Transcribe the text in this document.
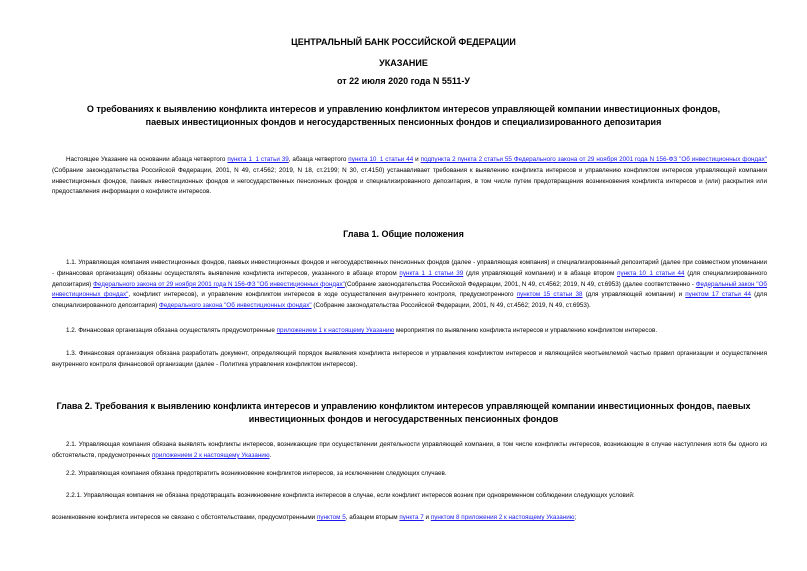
ЦЕНТРАЛЬНЫЙ БАНК РОССИЙСКОЙ ФЕДЕРАЦИИ
УКАЗАНИЕ
от 22 июля 2020 года N 5511-У
О требованиях к выявлению конфликта интересов и управлению конфликтом интересов управляющей компании инвестиционных фондов, паевых инвестиционных фондов и негосударственных пенсионных фондов и специализированного депозитария
Настоящее Указание на основании абзаца четвертого пункта 1_1 статьи 39, абзаца четвертого пункта 10_1 статьи 44 и подпункта 2 пункта 2 статьи 55 Федерального закона от 29 ноября 2001 года N 156-ФЗ "Об инвестиционных фондах" (Собрание законодательства Российской Федерации, 2001, N 49, ст.4562; 2019, N 18, ст.2199; N 30, ст.4150) устанавливает требования к выявлению конфликта интересов и управлению конфликтом интересов управляющей компании инвестиционных фондов, паевых инвестиционных фондов и негосударственных пенсионных фондов и специализированного депозитария, в том числе путем предотвращения возникновения конфликта интересов и (или) раскрытия или предоставления информации о конфликте интересов.
Глава 1. Общие положения
1.1. Управляющая компания инвестиционных фондов, паевых инвестиционных фондов и негосударственных пенсионных фондов (далее - управляющая компания) и специализированный депозитарий (далее при совместном упоминании - финансовая организация) обязаны осуществлять выявление конфликта интересов, указанного в абзаце втором пункта 1_1 статьи 39 (для управляющей компании) и в абзаце втором пункта 10_1 статьи 44 (для специализированного депозитария) Федерального закона от 29 ноября 2001 года N 156-ФЗ "Об инвестиционных фондах"(Собрание законодательства Российской Федерации, 2001, N 49, ст.4562; 2019, N 49, ст.6953) (далее соответственно - Федеральный закон "Об инвестиционных фондах", конфликт интересов), и управление конфликтом интересов в ходе осуществления внутреннего контроля, предусмотренного пунктом 15 статьи 38 (для управляющей компании) и пунктом 17 статьи 44 (для специализированного депозитария) Федерального закона "Об инвестиционных фондах" (Собрание законодательства Российской Федерации, 2001, N 49, ст.4562; 2019, N 49, ст.6953).
1.2. Финансовая организация обязана осуществлять предусмотренные приложением 1 к настоящему Указанию мероприятия по выявлению конфликта интересов и управлению конфликтом интересов.
1.3. Финансовая организация обязана разработать документ, определяющий порядок выявления конфликта интересов и управления конфликтом интересов и являющийся неотъемлемой частью правил организации и осуществления внутреннего контроля финансовой организации (далее - Политика управления конфликтом интересов).
Глава 2. Требования к выявлению конфликта интересов и управлению конфликтом интересов управляющей компании инвестиционных фондов, паевых инвестиционных фондов и негосударственных пенсионных фондов
2.1. Управляющая компания обязана выявлять конфликты интересов, возникающие при осуществлении деятельности управляющей компании, в том числе конфликты интересов, возникающие в случае наступления хотя бы одного из обстоятельств, предусмотренных приложением 2 к настоящему Указанию.
2.2. Управляющая компания обязана предотвратить возникновение конфликтов интересов, за исключением следующих случаев.
2.2.1. Управляющая компания не обязана предотвращать возникновение конфликта интересов в случае, если конфликт интересов возник при одновременном соблюдении следующих условий:
возникновение конфликта интересов не связано с обстоятельствами, предусмотренными пунктом 5, абзацем вторым пункта 7 и пунктом 8 приложения 2 к настоящему Указанию;
